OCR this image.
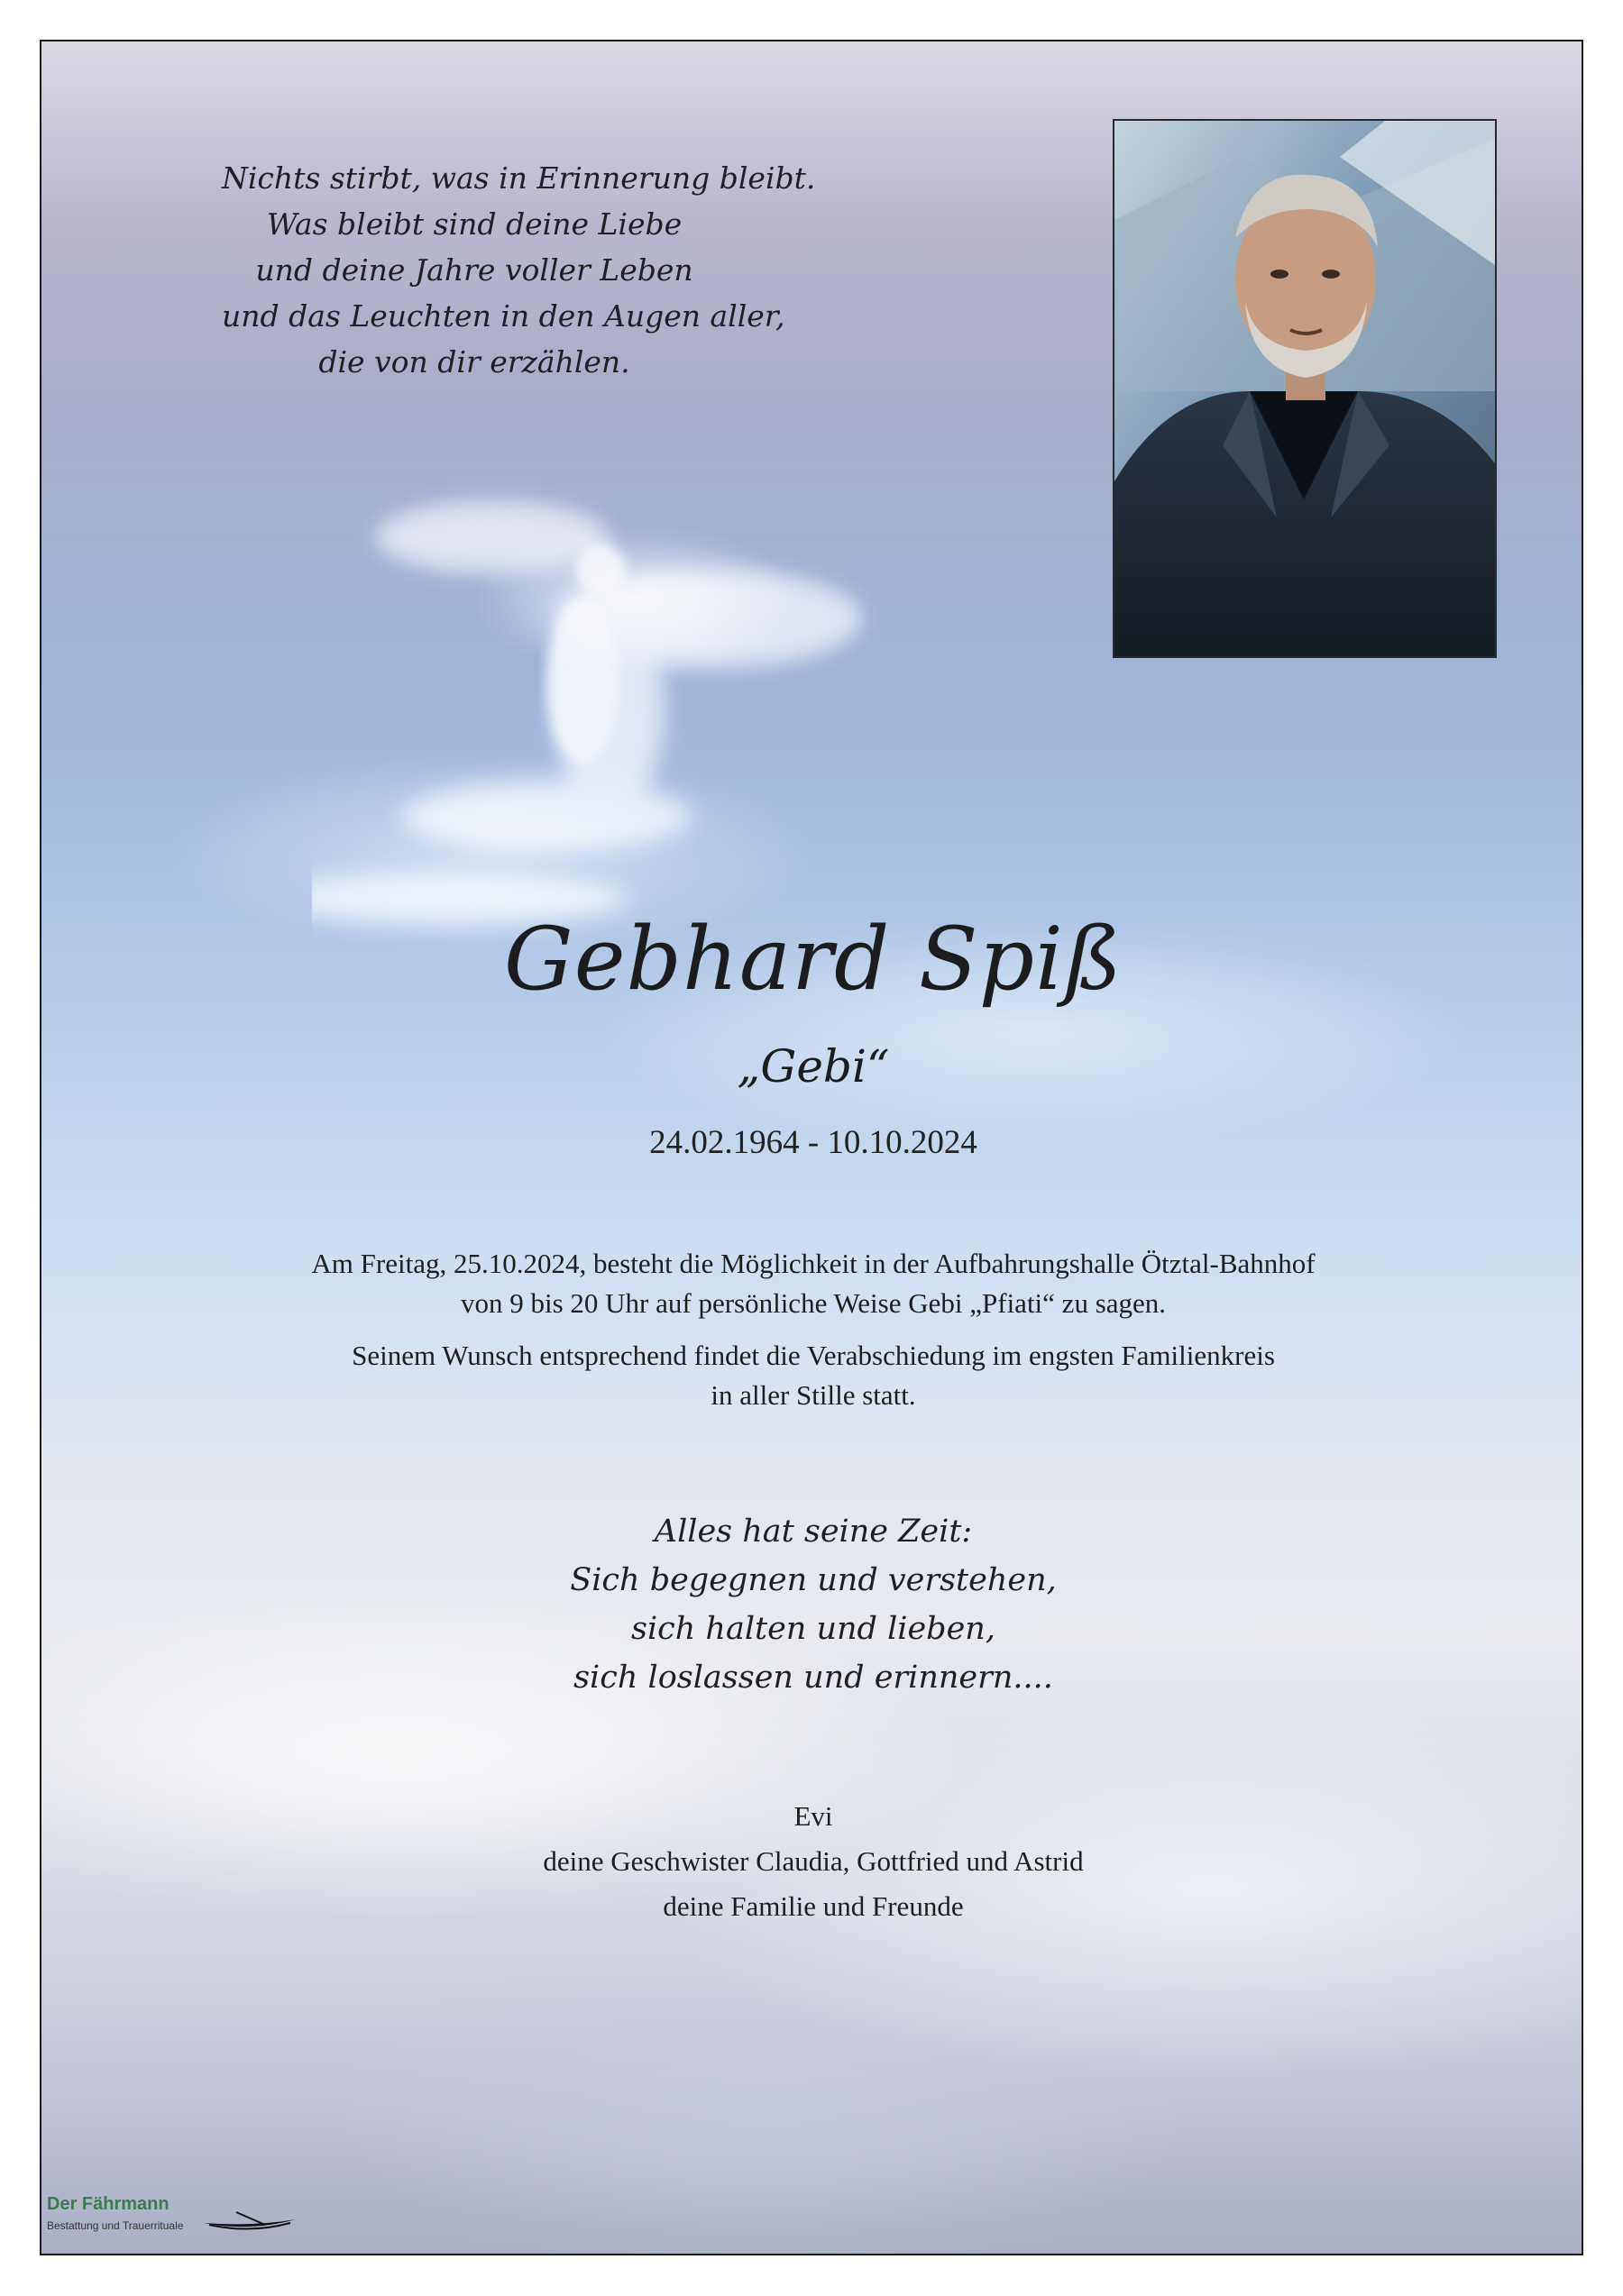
Nichts stirbt, was in Erinnerung bleibt.
Was bleibt sind deine Liebe
und deine Jahre voller Leben
und das Leuchten in den Augen aller,
die von dir erzählen.
Gebhard Spiß
„Gebi“
24.02.1964 - 10.10.2024

Am Freitag, 25.10.2024, besteht die Möglichkeit in der Aufbahrungshalle Ötztal-Bahnhof
von 9 bis 20 Uhr auf persönliche Weise Gebi „Pfiati“ zu sagen.

Seinem Wunsch entsprechend findet die Verabschiedung im engsten Familienkreis
in aller Stille statt.

Alles hat seine Zeit:
Sich begegnen und verstehen,
sich halten und lieben,
sich loslassen und erinnern....
Evi
deine Geschwister Claudia, Gottfried und Astrid
deine Familie und Freunde
Der Fährmann
Bestattung und Trauerrituale
